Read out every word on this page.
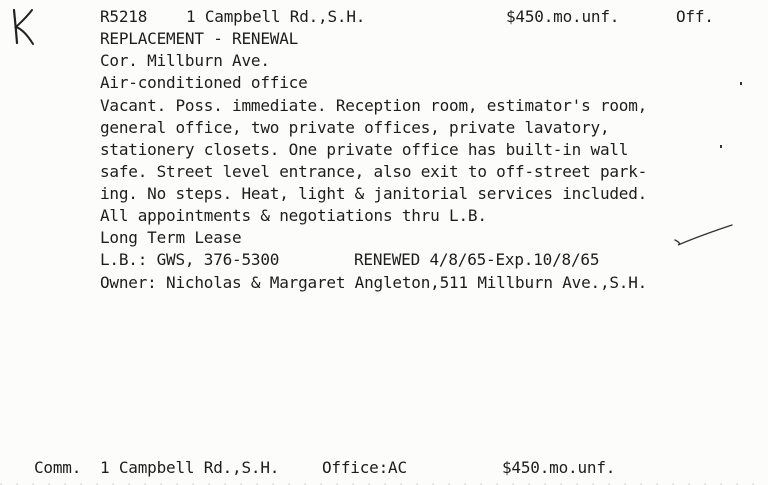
R5218 1 Campbell Rd.,S.H.	$450.mo.unf.	Off.
REPLACEMENT - RENEWAL
Cor. Millburn Ave.
Air-conditioned office
Vacant. Poss. immediate. Reception room, estimator's room,
general office, two private offices, private lavatory,
stationery closets. One private office has built-in wall
safe. Street level entrance, also exit to off-street park-
ing. No steps. Heat, light & janitorial services included.
All appointments & negotiations thru L.B.
Long Term Lease
L.B.: GWS, 376-5300	RENEWED 4/8/65-Exp.10/8/65
Owner: Nicholas & Margaret Angleton,511 Millburn Ave.,S.H.
Comm. 1 Campbell Rd.,S.H.	Office:AC	$450.mo.unf.
